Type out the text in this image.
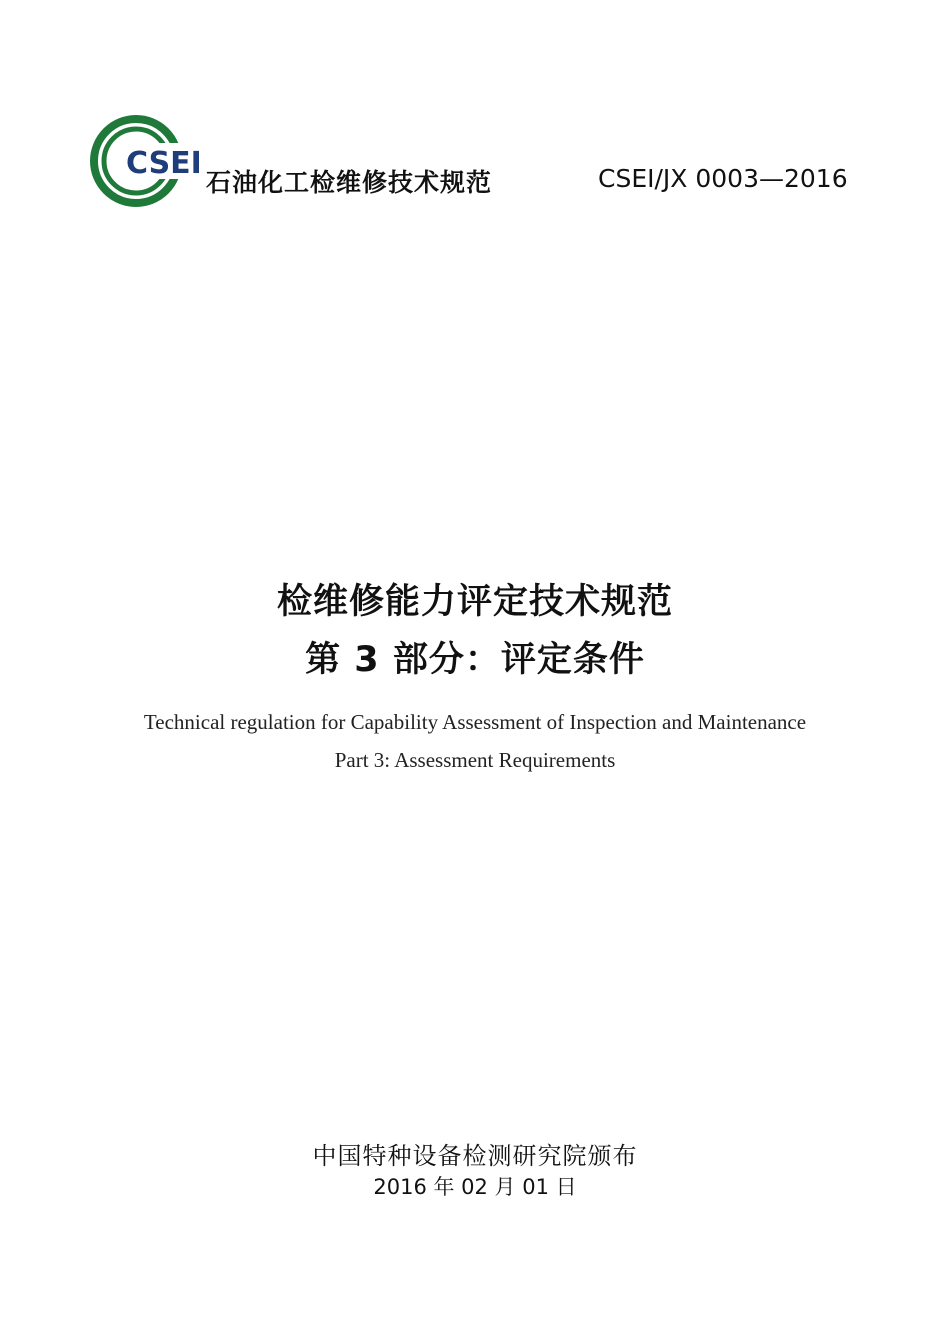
CSEI
石油化工检维修技术规范	CSEI/JX 0003—2016
检维修能力评定技术规范
第 3 部分：评定条件
Technical regulation for Capability Assessment of Inspection and Maintenance
Part 3: Assessment Requirements
中国特种设备检测研究院颁布
2016 年 02 月 01 日
